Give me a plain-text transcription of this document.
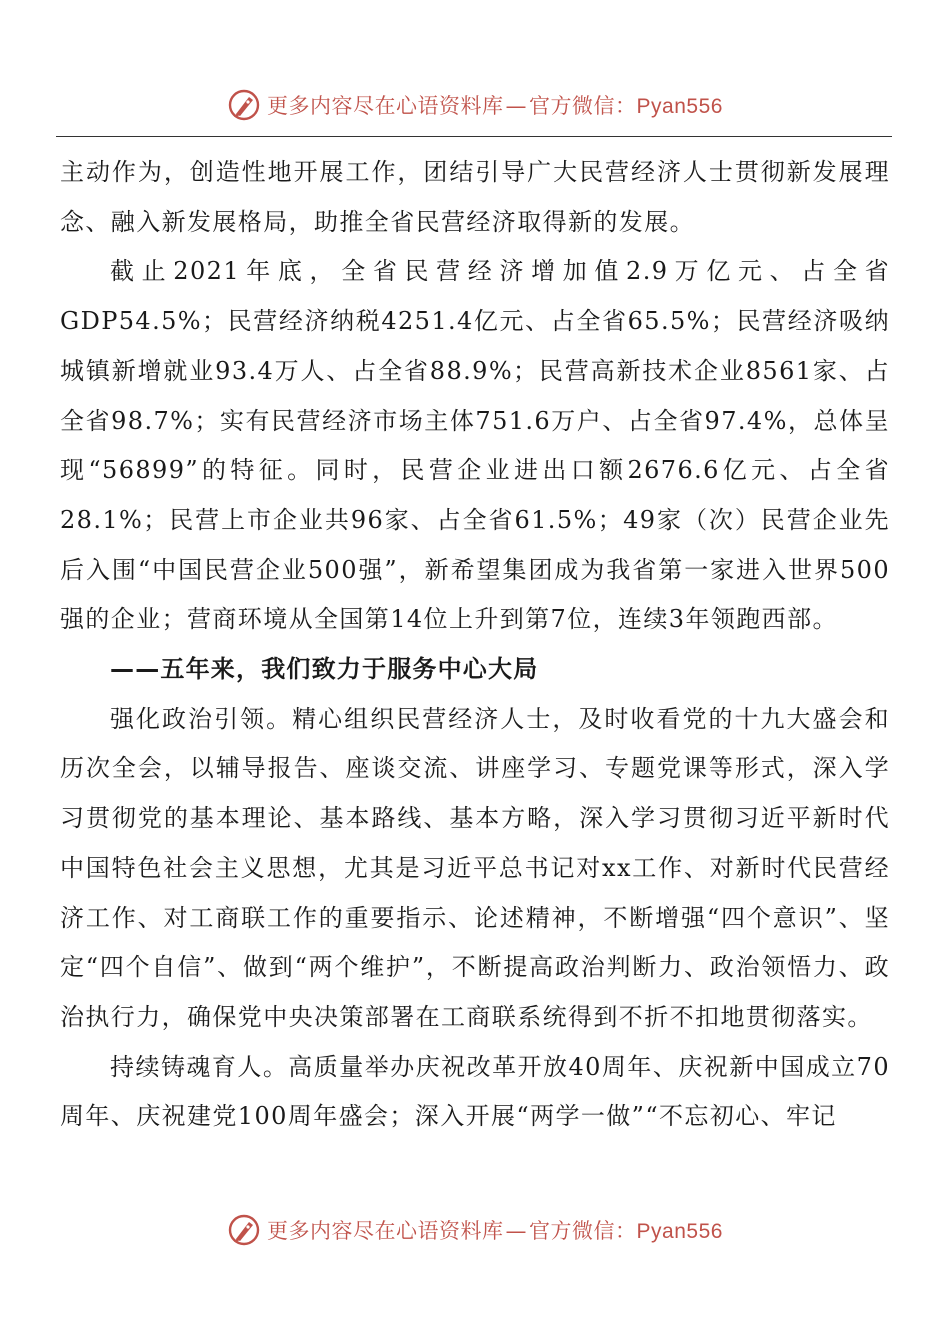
更多内容尽在心语资料库—官方微信：Pyan556

主动作为，创造性地开展工作，团结引导广大民营经济人士贯彻新发展理念、融入新发展格局，助推全省民营经济取得新的发展。

截止2021年底，全省民营经济增加值2.9万亿元、占全省GDP54.5%；民营经济纳税4251.4亿元、占全省65.5%；民营经济吸纳城镇新增就业93.4万人、占全省88.9%；民营高新技术企业8561家、占全省98.7%；实有民营经济市场主体751.6万户、占全省97.4%，总体呈现“56899”的特征。同时，民营企业进出口额2676.6亿元、占全省28.1%；民营上市企业共96家、占全省61.5%；49家（次）民营企业先后入围“中国民营企业500强”，新希望集团成为我省第一家进入世界500强的企业；营商环境从全国第14位上升到第7位，连续3年领跑西部。

——五年来，我们致力于服务中心大局

强化政治引领。精心组织民营经济人士，及时收看党的十九大盛会和历次全会，以辅导报告、座谈交流、讲座学习、专题党课等形式，深入学习贯彻党的基本理论、基本路线、基本方略，深入学习贯彻习近平新时代中国特色社会主义思想，尤其是习近平总书记对xx工作、对新时代民营经济工作、对工商联工作的重要指示、论述精神，不断增强“四个意识”、坚定“四个自信”、做到“两个维护”，不断提高政治判断力、政治领悟力、政治执行力，确保党中央决策部署在工商联系统得到不折不扣地贯彻落实。

持续铸魂育人。高质量举办庆祝改革开放40周年、庆祝新中国成立70周年、庆祝建党100周年盛会；深入开展“两学一做”“不忘初心、牢记

更多内容尽在心语资料库—官方微信：Pyan556
